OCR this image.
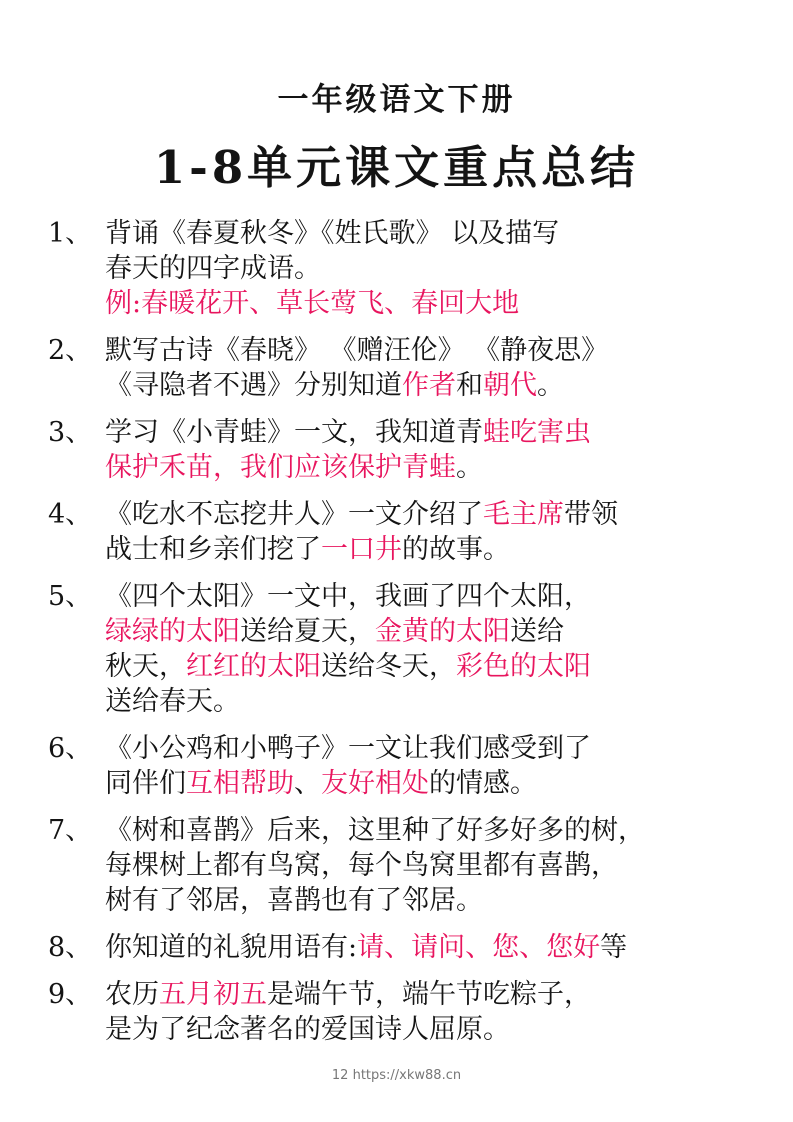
一年级语文下册
1-8单元课文重点总结
1、 背诵《春夏秋冬》《姓氏歌》 以及描写
春天的四字成语。
例:春暖花开、草长莺飞、春回大地
2、 默写古诗《春晓》 《赠汪伦》 《静夜思》
《寻隐者不遇》分别知道作者和朝代。
3、 学习《小青蛙》一文，我知道青蛙吃害虫
保护禾苗，我们应该保护青蛙。
4、 《吃水不忘挖井人》一文介绍了毛主席带领
战士和乡亲们挖了一口井的故事。
5、 《四个太阳》一文中，我画了四个太阳，
绿绿的太阳送给夏天，金黄的太阳送给
秋天，红红的太阳送给冬天，彩色的太阳
送给春天。
6、 《小公鸡和小鸭子》一文让我们感受到了
同伴们互相帮助、友好相处的情感。
7、 《树和喜鹊》后来，这里种了好多好多的树，
每棵树上都有鸟窝，每个鸟窝里都有喜鹊，
树有了邻居，喜鹊也有了邻居。
8、 你知道的礼貌用语有:请、请问、您、您好等
9、 农历五月初五是端午节，端午节吃粽子，
是为了纪念著名的爱国诗人屈原。
12 https://xkw88.cn
